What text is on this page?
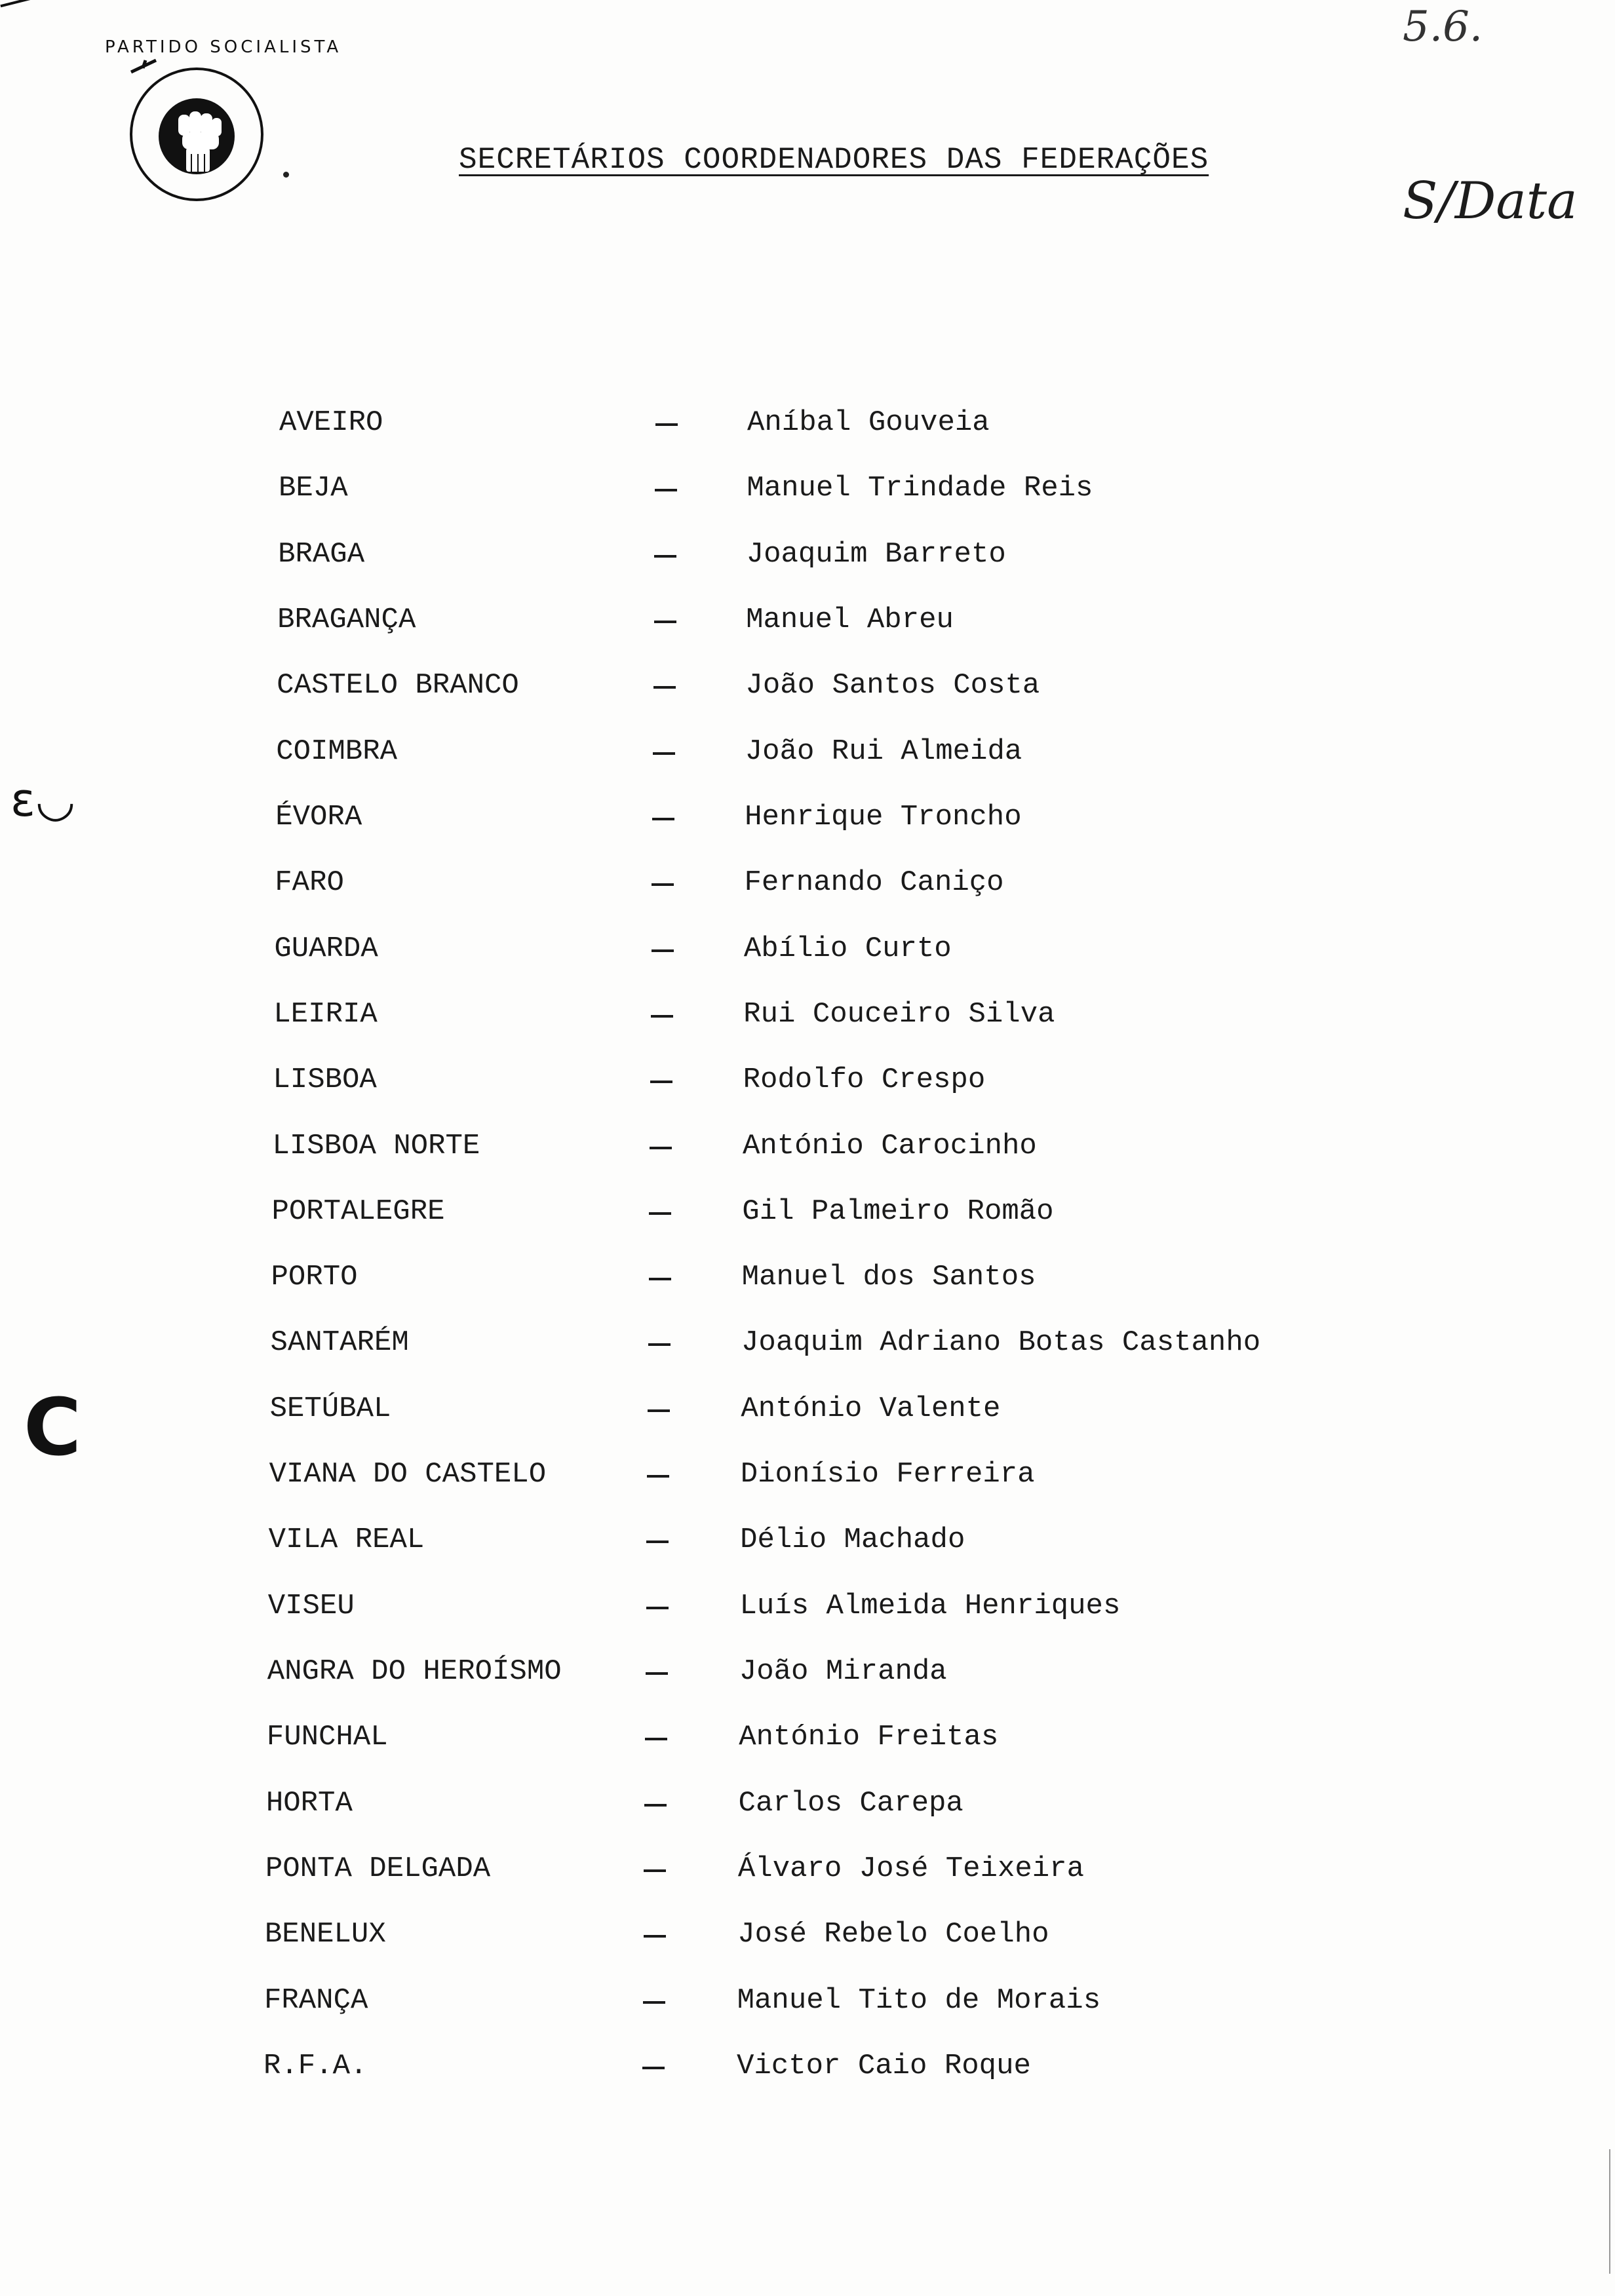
PARTIDO SOCIALISTA
SECRETÁRIOS COORDENADORES DAS FEDERAÇÕES
5.6.
S/Data
AVEIRO	Aníbal Gouveia
BEJA	Manuel Trindade Reis
BRAGA	Joaquim Barreto
BRAGANÇA	Manuel Abreu
CASTELO BRANCO	João Santos Costa
COIMBRA	João Rui Almeida
ÉVORA	Henrique Troncho
FARO	Fernando Caniço
GUARDA	Abílio Curto
LEIRIA	Rui Couceiro Silva
LISBOA	Rodolfo Crespo
LISBOA NORTE	António Carocinho
PORTALEGRE	Gil Palmeiro Romão
PORTO	Manuel dos Santos
SANTARÉM	Joaquim Adriano Botas Castanho
SETÚBAL	António Valente
VIANA DO CASTELO	Dionísio Ferreira
VILA REAL	Délio Machado
VISEU	Luís Almeida Henriques
ANGRA DO HEROÍSMO	João Miranda
FUNCHAL	António Freitas
HORTA	Carlos Carepa
PONTA DELGADA	Álvaro José Teixeira
BENELUX	José Rebelo Coelho
FRANÇA	Manuel Tito de Morais
R.F.A.	Victor Caio Roque
ɛ◡
C
